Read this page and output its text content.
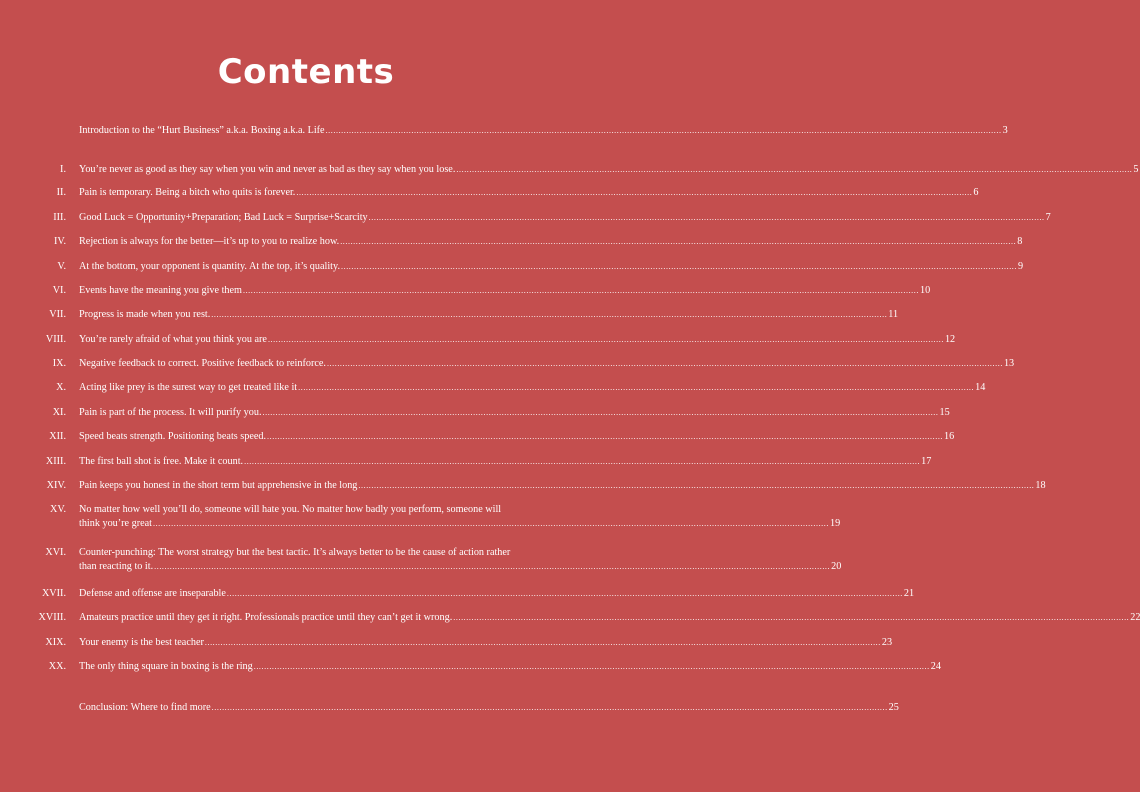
Contents
Introduction to the “Hurt Business” a.k.a. Boxing a.k.a. Life .................................................................................................................................................................................................................................................................... 3
I. You’re never as good as they say when you win and never as bad as they say when you lose. .................................................................................................................................................................................................................................................................... 5
II. Pain is temporary. Being a bitch who quits is forever. .................................................................................................................................................................................................................................................................... 6
III. Good Luck = Opportunity+Preparation; Bad Luck = Surprise+Scarcity .................................................................................................................................................................................................................................................................... 7
IV. Rejection is always for the better—it’s up to you to realize how. .................................................................................................................................................................................................................................................................... 8
V. At the bottom, your opponent is quantity. At the top, it’s quality. .................................................................................................................................................................................................................................................................... 9
VI. Events have the meaning you give them .................................................................................................................................................................................................................................................................... 10
VII. Progress is made when you rest. .................................................................................................................................................................................................................................................................... 11
VIII. You’re rarely afraid of what you think you are .................................................................................................................................................................................................................................................................... 12
IX. Negative feedback to correct. Positive feedback to reinforce. .................................................................................................................................................................................................................................................................... 13
X. Acting like prey is the surest way to get treated like it .................................................................................................................................................................................................................................................................... 14
XI. Pain is part of the process. It will purify you. .................................................................................................................................................................................................................................................................... 15
XII. Speed beats strength. Positioning beats speed. .................................................................................................................................................................................................................................................................... 16
XIII. The first ball shot is free. Make it count. .................................................................................................................................................................................................................................................................... 17
XIV. Pain keeps you honest in the short term but apprehensive in the long .................................................................................................................................................................................................................................................................... 18
XV. No matter how well you’ll do, someone will hate you. No matter how badly you perform, someone will
think you’re great .................................................................................................................................................................................................................................................................... 19
XVI. Counter-punching: The worst strategy but the best tactic. It’s always better to be the cause of action rather
than reacting to it. .................................................................................................................................................................................................................................................................... 20
XVII. Defense and offense are inseparable .................................................................................................................................................................................................................................................................... 21
XVIII. Amateurs practice until they get it right. Professionals practice until they can’t get it wrong. .................................................................................................................................................................................................................................................................... 22
XIX. Your enemy is the best teacher .................................................................................................................................................................................................................................................................... 23
XX. The only thing square in boxing is the ring .................................................................................................................................................................................................................................................................... 24
Conclusion: Where to find more .................................................................................................................................................................................................................................................................... 25
